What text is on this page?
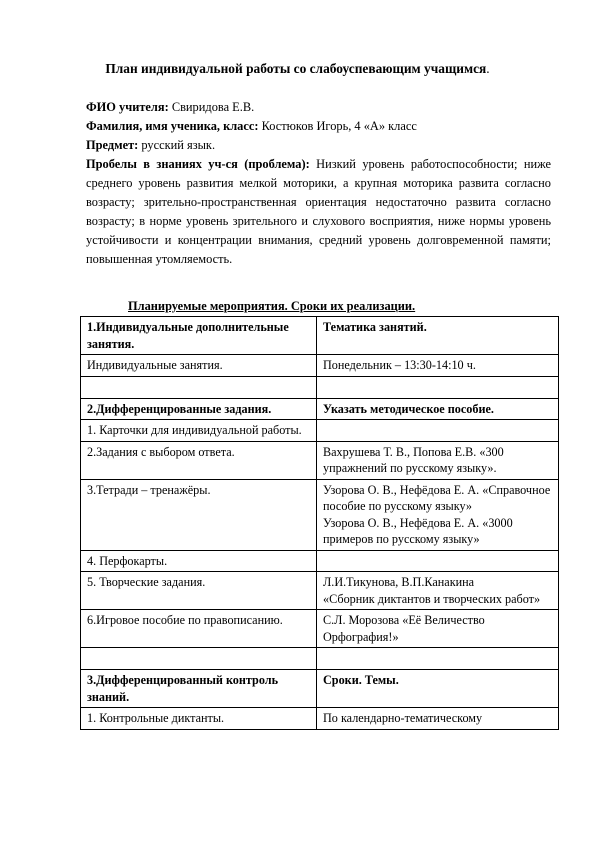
План индивидуальной работы со слабоуспевающим учащимся.

ФИО учителя: Свиридова Е.В.

Фамилия, имя ученика, класс: Костюков Игорь, 4 «А» класс

Предмет: русский язык.

Пробелы в знаниях уч-ся (проблема): Низкий уровень работоспособности; ниже среднего уровень развития мелкой моторики, а крупная моторика развита согласно возрасту; зрительно-пространственная ориентация недостаточно развита согласно возрасту; в норме уровень зрительного и слухового восприятия, ниже нормы уровень устойчивости и концентрации внимания, средний уровень долговременной памяти; повышенная утомляемость.

Планируемые мероприятия. Сроки их реализации.
1.Индивидуальные дополнительные занятия.	Тематика занятий.
Индивидуальные занятия.	Понедельник – 13:30-14:10 ч.

2.Дифференцированные задания.	Указать методическое пособие.
1. Карточки для индивидуальной работы.	
2.Задания с выбором ответа.	Вахрушева Т. В., Попова Е.В. «300 упражнений по русскому языку».
3.Тетради – тренажёры.	Узорова О. В., Нефёдова Е. А. «Справочное пособие по русскому языку»
Узорова О. В., Нефёдова Е. А. «3000 примеров по русскому языку»

4. Перфокарты.	
5. Творческие задания.	Л.И.Тикунова, В.П.Канакина
«Сборник диктантов и творческих работ»

6.Игровое пособие по правописанию.	С.Л. Морозова «Её Величество Орфография!»

3.Дифференцированный контроль знаний.	Сроки. Темы.
1. Контрольные диктанты.	По календарно-тематическому
